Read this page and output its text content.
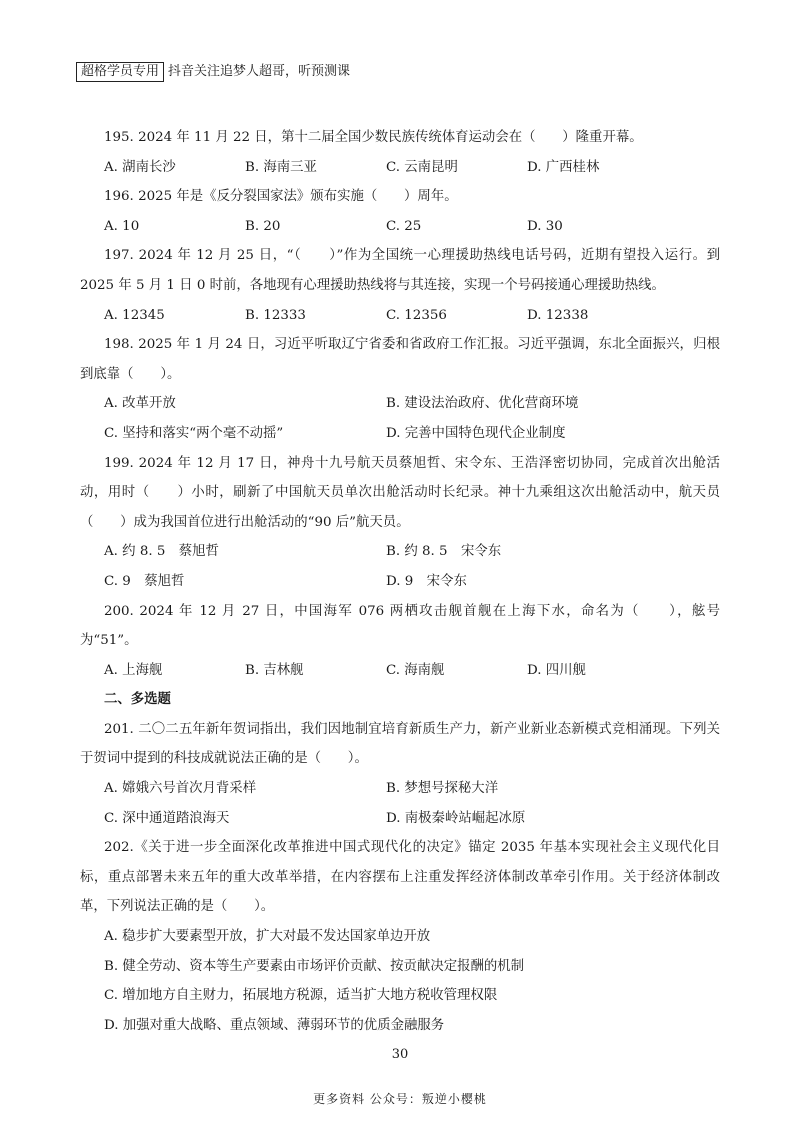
超格学员专用 抖音关注追梦人超哥，听预测课

195. 2024 年 11 月 22 日，第十二届全国少数民族传统体育运动会在（　　）隆重开幕。

A. 湖南长沙	B. 海南三亚	C. 云南昆明	D. 广西桂林

196. 2025 年是《反分裂国家法》颁布实施（　　）周年。

A. 10	B. 20	C. 25	D. 30

197. 2024 年 12 月 25 日，“（　　）”作为全国统一心理援助热线电话号码，近期有望投入运行。到 2025 年 5 月 1 日 0 时前，各地现有心理援助热线将与其连接，实现一个号码接通心理援助热线。

A. 12345	B. 12333	C. 12356	D. 12338

198. 2025 年 1 月 24 日，习近平听取辽宁省委和省政府工作汇报。习近平强调，东北全面振兴，归根到底靠（　　）。

A. 改革开放	B. 建设法治政府、优化营商环境
C. 坚持和落实“两个毫不动摇”	D. 完善中国特色现代企业制度

199. 2024 年 12 月 17 日，神舟十九号航天员蔡旭哲、宋令东、王浩泽密切协同，完成首次出舱活动，用时（　　）小时，刷新了中国航天员单次出舱活动时长纪录。神十九乘组这次出舱活动中，航天员（　　）成为我国首位进行出舱活动的“90 后”航天员。

A. 约 8. 5　蔡旭哲	B. 约 8. 5　宋令东
C. 9　蔡旭哲	D. 9　宋令东

200. 2024 年 12 月 27 日，中国海军 076 两栖攻击舰首舰在上海下水，命名为（　　），舷号为“51”。

A. 上海舰	B. 吉林舰	C. 海南舰	D. 四川舰

二、多选题

201. 二〇二五年新年贺词指出，我们因地制宜培育新质生产力，新产业新业态新模式竞相涌现。下列关于贺词中提到的科技成就说法正确的是（　　）。

A. 嫦娥六号首次月背采样	B. 梦想号探秘大洋
C. 深中通道踏浪海天	D. 南极秦岭站崛起冰原

202.《关于进一步全面深化改革推进中国式现代化的决定》锚定 2035 年基本实现社会主义现代化目标，重点部署未来五年的重大改革举措，在内容摆布上注重发挥经济体制改革牵引作用。关于经济体制改革，下列说法正确的是（　　）。

A. 稳步扩大要素型开放，扩大对最不发达国家单边开放
B. 健全劳动、资本等生产要素由市场评价贡献、按贡献决定报酬的机制
C. 增加地方自主财力，拓展地方税源，适当扩大地方税收管理权限
D. 加强对重大战略、重点领域、薄弱环节的优质金融服务
30
更多资料 公众号：叛逆小樱桃
